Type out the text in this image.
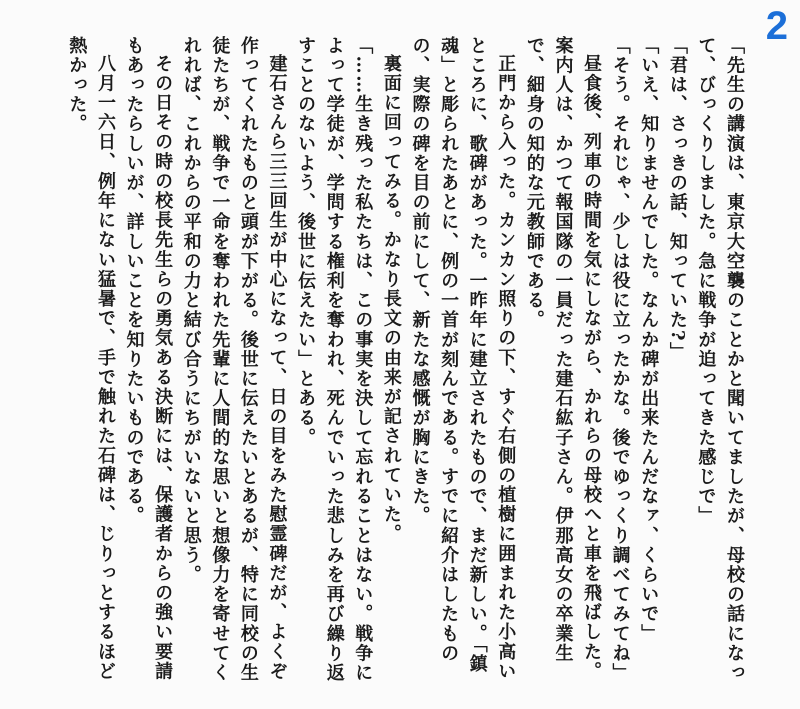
2

「先生の講演は、東京大空襲のことかと聞いてましたが、母校の話になって、びっくりしました。急に戦争が迫ってきた感じで」

「君は、さっきの話、知っていた?」

「いえ、知りませんでした。なんか碑が出来たんだなァ、くらいで」

「そう。それじゃ、少しは役に立ったかな。後でゆっくり調べてみてね」

昼食後、列車の時間を気にしながら、かれらの母校へと車を飛ばした。案内人は、かつて報国隊の一員だった建石紘子さん。伊那高女の卒業生で、細身の知的な元教師である。

正門から入った。カンカン照りの下、すぐ右側の植樹に囲まれた小高いところに、歌碑があった。一昨年に建立されたもので、まだ新しい。「鎮魂」と彫られたあとに、例の一首が刻んである。すでに紹介はしたものの、実際の碑を目の前にして、新たな感慨が胸にきた。

裏面に回ってみる。かなり長文の由来が記されていた。

「……生き残った私たちは、この事実を決して忘れることはない。戦争によって学徒が、学問する権利を奪われ、死んでいった悲しみを再び繰り返すことのないよう、後世に伝えたい」とある。

建石さんら三三回生が中心になって、日の目をみた慰霊碑だが、よくぞ作ってくれたものと頭が下がる。後世に伝えたいとあるが、特に同校の生徒たちが、戦争で一命を奪われた先輩に人間的な思いと想像力を寄せてくれれば、これからの平和の力と結び合うにちがいないと思う。

その日その時の校長先生らの勇気ある決断には、保護者からの強い要請もあったらしいが、詳しいことを知りたいものである。

八月一六日、例年にない猛暑で、手で触れた石碑は、じりっとするほど熱かった。
